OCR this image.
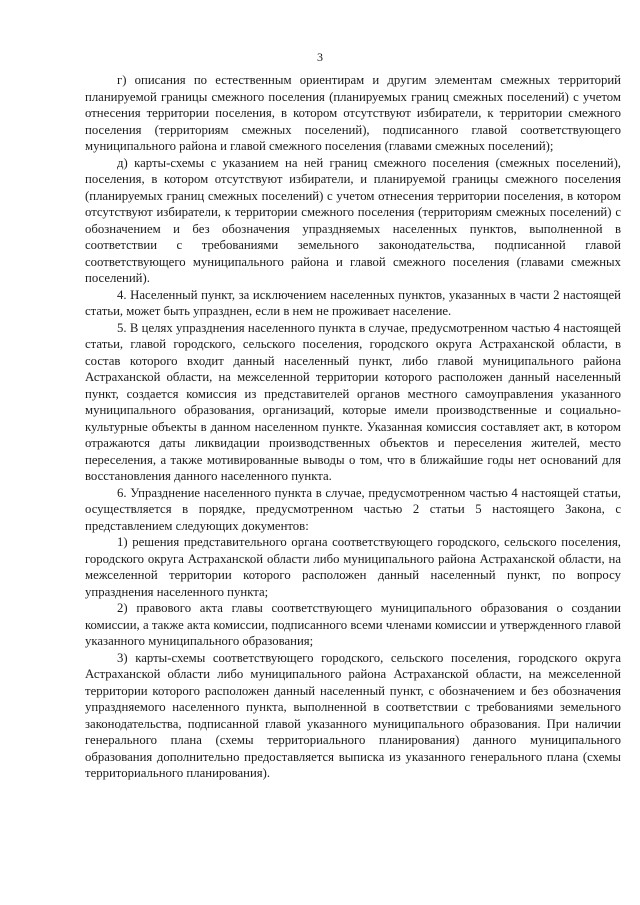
3

г) описания по естественным ориентирам и другим элементам смежных территорий планируемой границы смежного поселения (планируемых границ смежных поселений) с учетом отнесения территории поселения, в котором отсутствуют избиратели, к территории смежного поселения (территориям смежных поселений), подписанного главой соответствующего муниципального района и главой смежного поселения (главами смежных поселений);

д) карты-схемы с указанием на ней границ смежного поселения (смежных поселений), поселения, в котором отсутствуют избиратели, и планируемой границы смежного поселения (планируемых границ смежных поселений) с учетом отнесения территории поселения, в котором отсутствуют избиратели, к территории смежного поселения (территориям смежных поселений) с обозначением и без обозначения упраздняемых населенных пунктов, выполненной в соответствии с требованиями земельного законодательства, подписанной главой соответствующего муниципального района и главой смежного поселения (главами смежных поселений).

4. Населенный пункт, за исключением населенных пунктов, указанных в части 2 настоящей статьи, может быть упразднен, если в нем не проживает население.

5. В целях упразднения населенного пункта в случае, предусмотренном частью 4 настоящей статьи, главой городского, сельского поселения, городского округа Астраханской области, в состав которого входит данный населенный пункт, либо главой муниципального района Астраханской области, на межселенной территории которого расположен данный населенный пункт, создается комиссия из представителей органов местного самоуправления указанного муниципального образования, организаций, которые имели производственные и социально-культурные объекты в данном населенном пункте. Указанная комиссия составляет акт, в котором отражаются даты ликвидации производственных объектов и переселения жителей, место переселения, а также мотивированные выводы о том, что в ближайшие годы нет оснований для восстановления данного населенного пункта.

6. Упразднение населенного пункта в случае, предусмотренном частью 4 настоящей статьи, осуществляется в порядке, предусмотренном частью 2 статьи 5 настоящего Закона, с представлением следующих документов:

1) решения представительного органа соответствующего городского, сельского поселения, городского округа Астраханской области либо муниципального района Астраханской области, на межселенной территории которого расположен данный населенный пункт, по вопросу упразднения населенного пункта;

2) правового акта главы соответствующего муниципального образования о создании комиссии, а также акта комиссии, подписанного всеми членами комиссии и утвержденного главой указанного муниципального образования;

3) карты-схемы соответствующего городского, сельского поселения, городского округа Астраханской области либо муниципального района Астраханской области, на межселенной территории которого расположен данный населенный пункт, с обозначением и без обозначения упраздняемого населенного пункта, выполненной в соответствии с требованиями земельного законодательства, подписанной главой указанного муниципального образования. При наличии генерального плана (схемы территориального планирования) данного муниципального образования дополнительно предоставляется выписка из указанного генерального плана (схемы территориального планирования).
